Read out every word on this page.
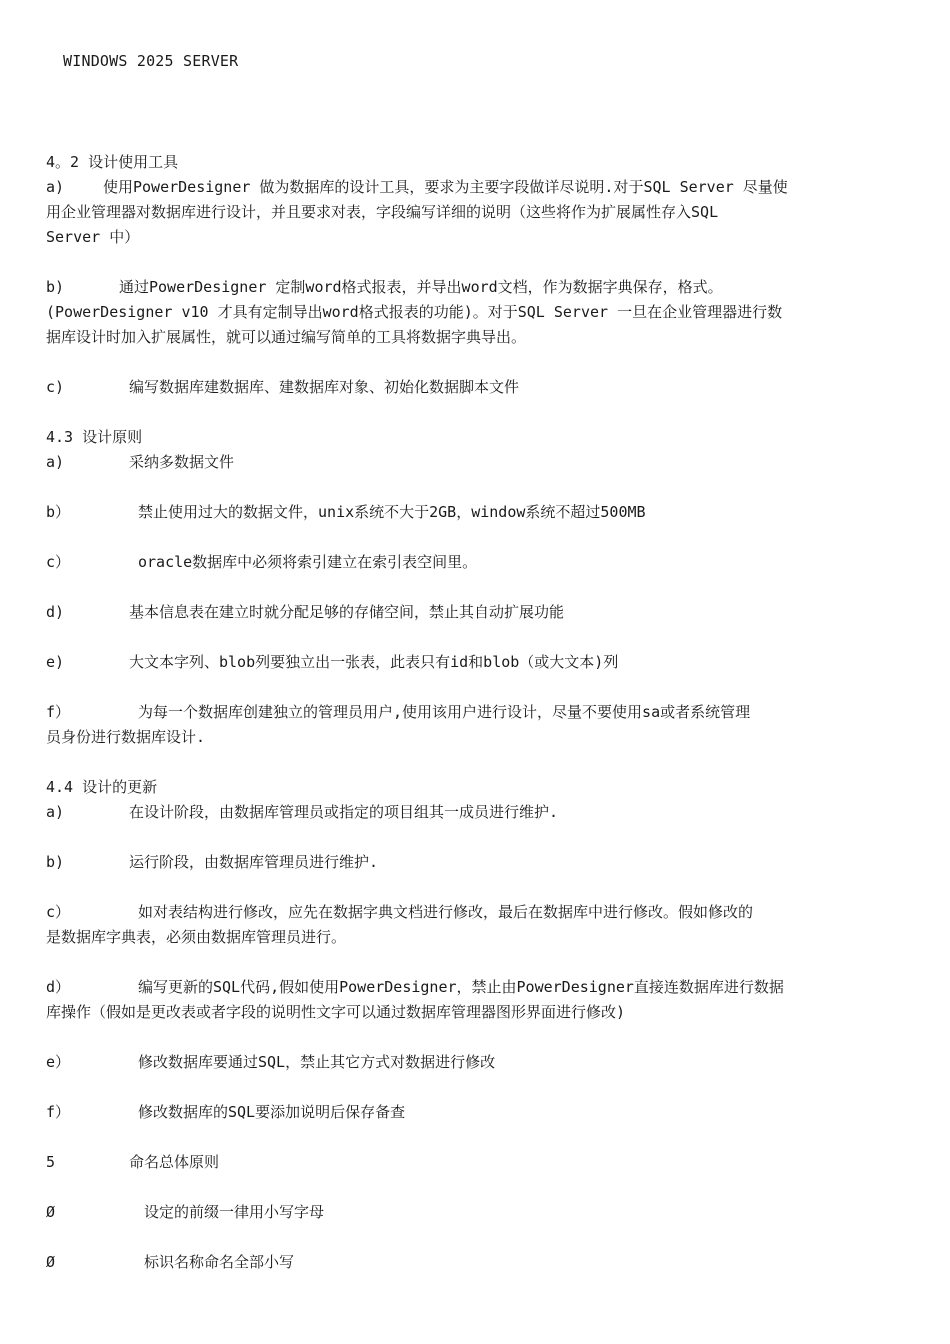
WINDOWS 2025 SERVER
4。2 设计使用工具
a)	使用PowerDesigner 做为数据库的设计工具，要求为主要字段做详尽说明.对于SQL Server 尽量使
用企业管理器对数据库进行设计，并且要求对表，字段编写详细的说明（这些将作为扩展属性存入SQL
Server 中）
b)	通过PowerDesigner 定制word格式报表，并导出word文档，作为数据字典保存，格式。
(PowerDesigner v10 才具有定制导出word格式报表的功能)。对于SQL Server 一旦在企业管理器进行数
据库设计时加入扩展属性，就可以通过编写简单的工具将数据字典导出。
c)	编写数据库建数据库、建数据库对象、初始化数据脚本文件
4.3 设计原则
a)	采纳多数据文件
b）	禁止使用过大的数据文件，unix系统不大于2GB，window系统不超过500MB
c）	oracle数据库中必须将索引建立在索引表空间里。
d)	基本信息表在建立时就分配足够的存储空间，禁止其自动扩展功能
e)	大文本字列、blob列要独立出一张表，此表只有id和blob（或大文本)列
f）	为每一个数据库创建独立的管理员用户,使用该用户进行设计，尽量不要使用sa或者系统管理
员身份进行数据库设计.
4.4 设计的更新
a)	在设计阶段，由数据库管理员或指定的项目组其一成员进行维护.
b)	运行阶段，由数据库管理员进行维护.
c）	如对表结构进行修改，应先在数据字典文档进行修改，最后在数据库中进行修改。假如修改的
是数据库字典表，必须由数据库管理员进行。
d）	编写更新的SQL代码,假如使用PowerDesigner，禁止由PowerDesigner直接连数据库进行数据
库操作（假如是更改表或者字段的说明性文字可以通过数据库管理器图形界面进行修改)
e）	修改数据库要通过SQL，禁止其它方式对数据进行修改
f）	修改数据库的SQL要添加说明后保存备查
5	命名总体原则
Ø	设定的前缀一律用小写字母
Ø	标识名称命名全部小写
